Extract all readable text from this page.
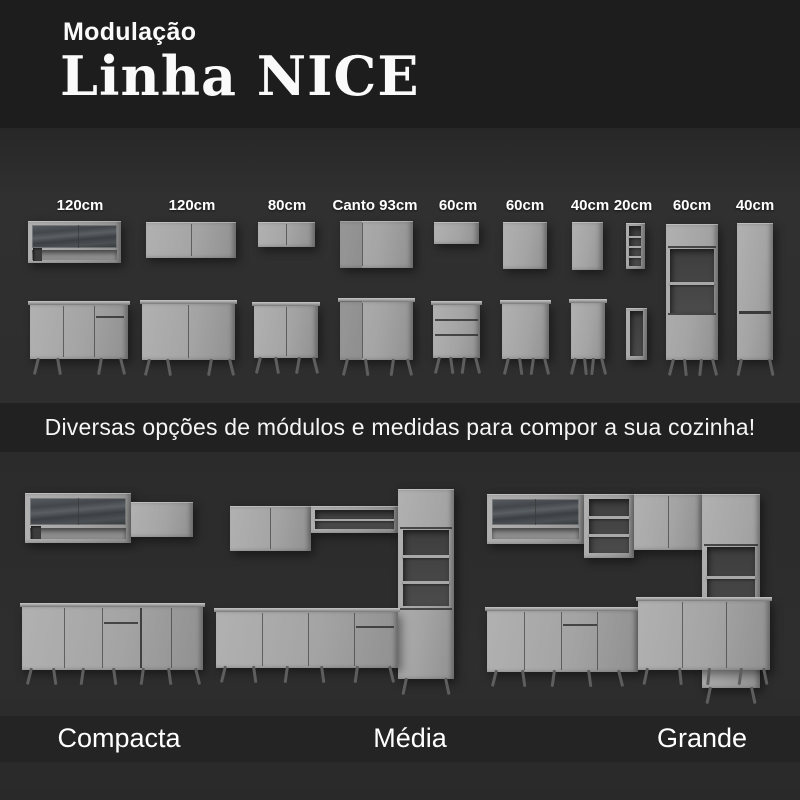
Diversas opções de módulos e medidas para compor a sua cozinha!
Modulação
Linha NICE
120cm	120cm	80cm Canto 93cm 60cm 60cm 40cm 20cm 60cm 40cm
Compacta	Média	Grande
